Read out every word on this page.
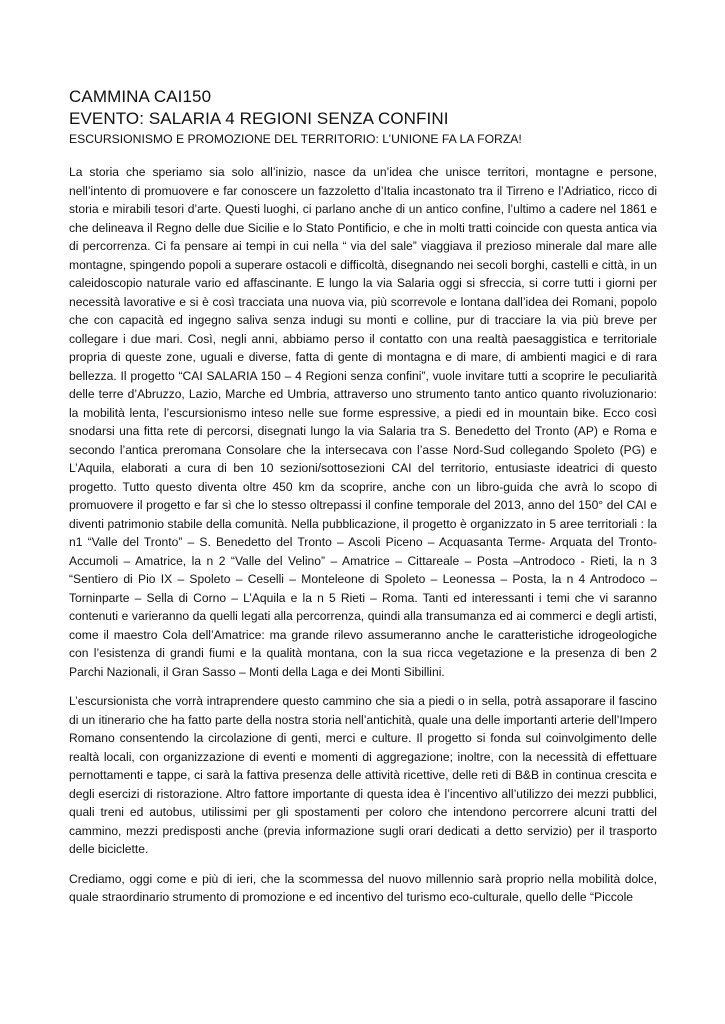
CAMMINA CAI150
EVENTO: SALARIA 4 REGIONI SENZA CONFINI
ESCURSIONISMO E PROMOZIONE DEL TERRITORIO: L’UNIONE FA LA FORZA!

La storia che speriamo sia solo all’inizio, nasce da un’idea che unisce territori, montagne e persone, nell’intento di promuovere e far conoscere un fazzoletto d’Italia incastonato tra il Tirreno e l’Adriatico, ricco di storia e mirabili tesori d’arte. Questi luoghi, ci parlano anche di un antico confine, l’ultimo a cadere nel 1861 e che delineava il Regno delle due Sicilie e lo Stato Pontificio, e che in molti tratti coincide con questa antica via di percorrenza. Ci fa pensare ai tempi in cui nella “ via del sale” viaggiava il prezioso minerale dal mare alle montagne, spingendo popoli a superare ostacoli e difficoltà, disegnando nei secoli borghi, castelli e città, in un caleidoscopio naturale vario ed affascinante. E lungo la via Salaria oggi si sfreccia, si corre tutti i giorni per necessità lavorative e si è così tracciata una nuova via, più scorrevole e lontana dall’idea dei Romani, popolo che con capacità ed ingegno saliva senza indugi su monti e colline, pur di tracciare la via più breve per collegare i due mari. Così, negli anni, abbiamo perso il contatto con una realtà paesaggistica e territoriale propria di queste zone, uguali e diverse, fatta di gente di montagna e di mare, di ambienti magici e di rara bellezza. Il progetto “CAI SALARIA 150 – 4 Regioni senza confini”, vuole invitare tutti a scoprire le peculiarità delle terre d’Abruzzo, Lazio, Marche ed Umbria, attraverso uno strumento tanto antico quanto rivoluzionario: la mobilità lenta, l’escursionismo inteso nelle sue forme espressive, a piedi ed in mountain bike. Ecco così snodarsi una fitta rete di percorsi, disegnati lungo la via Salaria tra S. Benedetto del Tronto (AP) e Roma e secondo l’antica preromana Consolare che la intersecava con l’asse Nord-Sud collegando Spoleto (PG) e L’Aquila, elaborati a cura di ben 10 sezioni/sottosezioni CAI del territorio, entusiaste ideatrici di questo progetto. Tutto questo diventa oltre 450 km da scoprire, anche con un libro-guida che avrà lo scopo di promuovere il progetto e far sì che lo stesso oltrepassi il confine temporale del 2013, anno del 150° del CAI e diventi patrimonio stabile della comunità. Nella pubblicazione, il progetto è organizzato in 5 aree territoriali : la n1 “Valle del Tronto” – S. Benedetto del Tronto – Ascoli Piceno – Acquasanta Terme- Arquata del Tronto- Accumoli – Amatrice, la n 2 “Valle del Velino” – Amatrice – Cittareale – Posta –Antrodoco - Rieti, la n 3 “Sentiero di Pio IX – Spoleto – Ceselli – Monteleone di Spoleto – Leonessa – Posta, la n 4 Antrodoco – Torninparte – Sella di Corno – L’Aquila e la n 5 Rieti – Roma. Tanti ed interessanti i temi che vi saranno contenuti e varieranno da quelli legati alla percorrenza, quindi alla transumanza ed ai commerci e degli artisti, come il maestro Cola dell’Amatrice: ma grande rilevo assumeranno anche le caratteristiche idrogeologiche con l’esistenza di grandi fiumi e la qualità montana, con la sua ricca vegetazione e la presenza di ben 2 Parchi Nazionali, il Gran Sasso – Monti della Laga e dei Monti Sibillini.

L’escursionista che vorrà intraprendere questo cammino che sia a piedi o in sella, potrà assaporare il fascino di un itinerario che ha fatto parte della nostra storia nell’antichità, quale una delle importanti arterie dell’Impero Romano consentendo la circolazione di genti, merci e culture. Il progetto si fonda sul coinvolgimento delle realtà locali, con organizzazione di eventi e momenti di aggregazione; inoltre, con la necessità di effettuare pernottamenti e tappe, ci sarà la fattiva presenza delle attività ricettive, delle reti di B&B in continua crescita e degli esercizi di ristorazione. Altro fattore importante di questa idea è l’incentivo all’utilizzo dei mezzi pubblici, quali treni ed autobus, utilissimi per gli spostamenti per coloro che intendono percorrere alcuni tratti del cammino, mezzi predisposti anche (previa informazione sugli orari dedicati a detto servizio) per il trasporto delle biciclette.

Crediamo, oggi come e più di ieri, che la scommessa del nuovo millennio sarà proprio nella mobilità dolce, quale straordinario strumento di promozione e ed incentivo del turismo eco-culturale, quello delle “Piccole
